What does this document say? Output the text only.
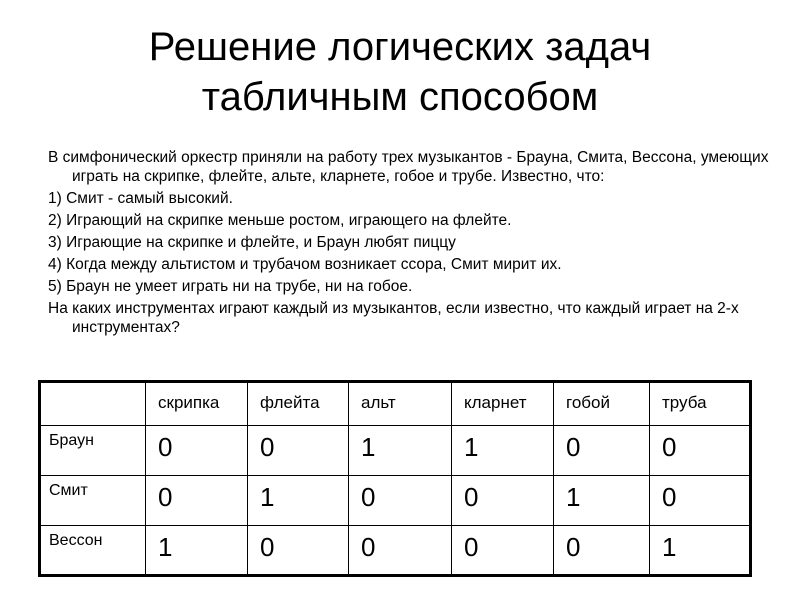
Решение логических задач
табличным способом

В симфонический оркестр приняли на работу трех музыкантов - Брауна, Смита, Вессона, умеющих играть на скрипке, флейте, альте, кларнете, гобое и трубе. Известно, что:

1) Смит - самый высокий.

2) Играющий на скрипке меньше ростом, играющего на флейте.

3) Играющие на скрипке и флейте, и Браун любят пиццу

4) Когда между альтистом и трубачом возникает ссора, Смит мирит их.

5) Браун не умеет играть ни на трубе, ни на гобое.

На каких инструментах играют каждый из музыкантов, если известно, что каждый играет на 2-х инструментах?

	скрипка	флейта	альт	кларнет	гобой	труба
Браун	0	0	1	1	0	0
Смит	0	1	0	0	1	0
Вессон	1	0	0	0	0	1
